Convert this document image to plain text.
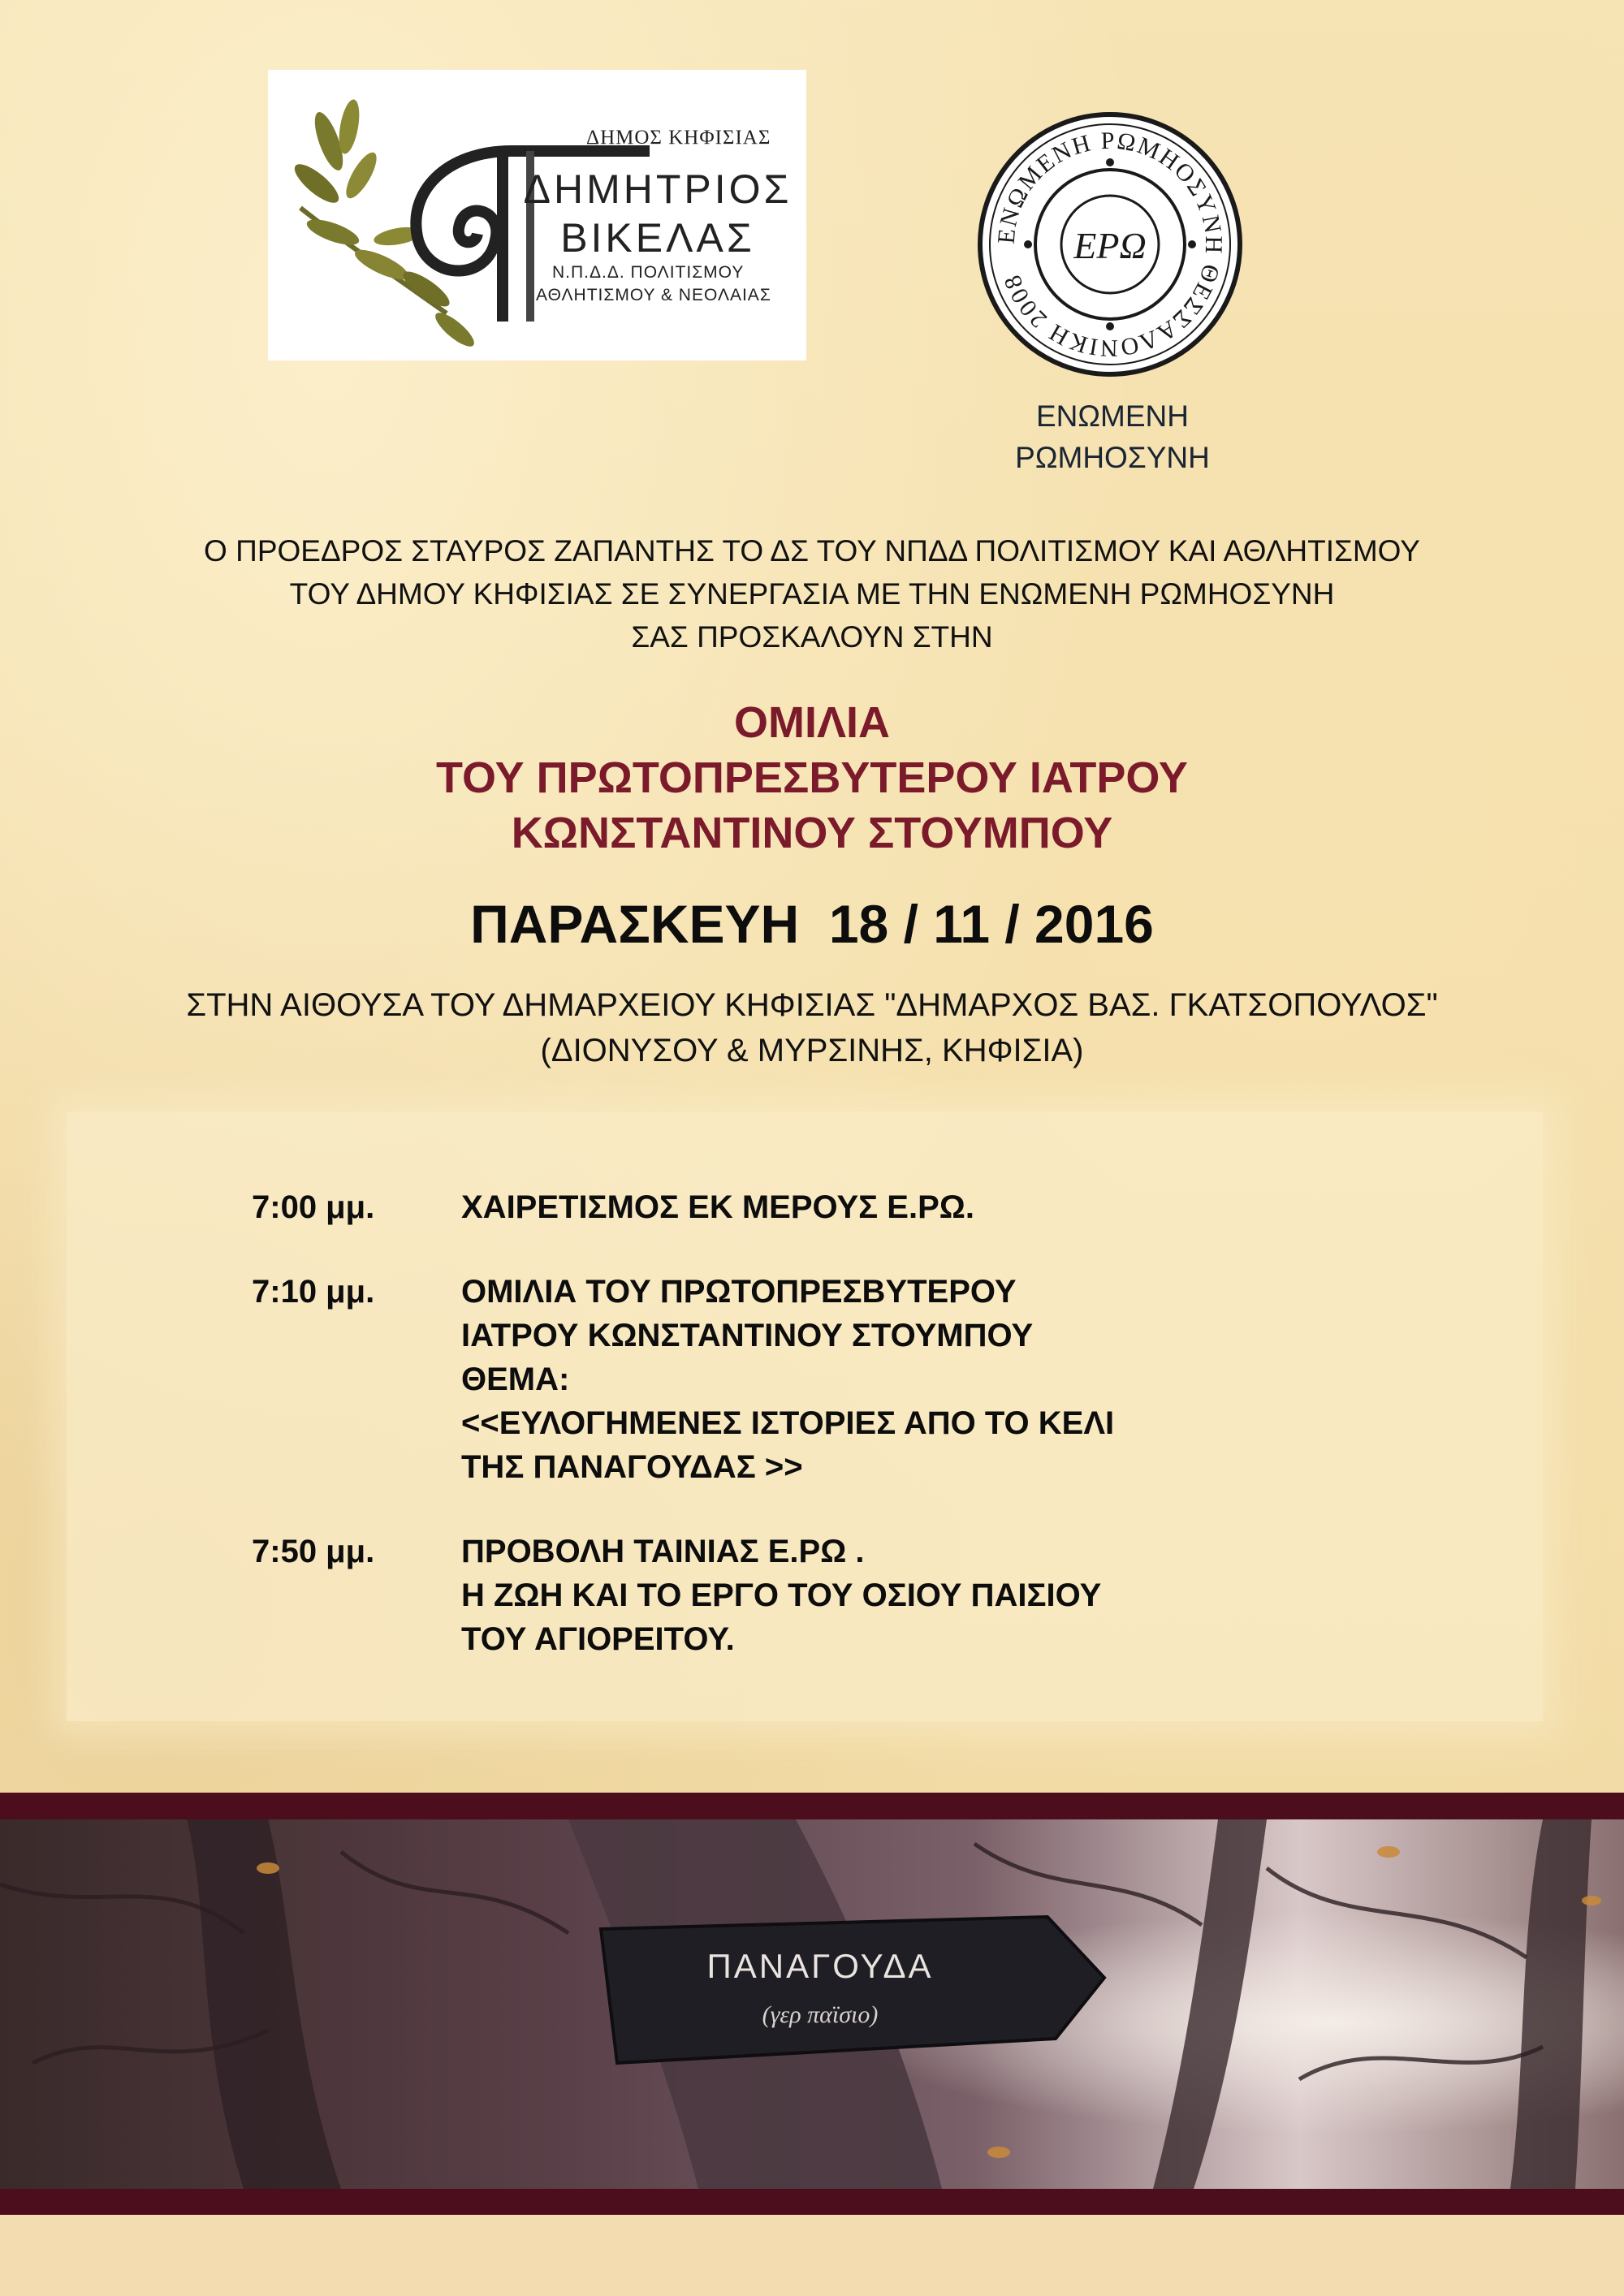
ΔΗΜΟΣ ΚΗΦΙΣΙΑΣ
ΔΗΜΗΤΡΙΟΣ
ΒΙΚΕΛΑΣ
Ν.Π.Δ.Δ. ΠΟΛΙΤΙΣΜΟΥ
ΑΘΛΗΤΙΣΜΟΥ & ΝΕΟΛΑΙΑΣ
ΕΝΩΜΕΝΗ ΡΩΜΗΟΣΥΝΗ ΘΕΣΣΑΛΟΝΙΚΗ 2008
ΕΡΩ
ΕΝΩΜΕΝΗ
ΡΩΜΗΟΣΥΝΗ
Ο ΠΡΟΕΔΡΟΣ ΣΤΑΥΡΟΣ ΖΑΠΑΝΤΗΣ ΤΟ ΔΣ ΤΟΥ ΝΠΔΔ ΠΟΛΙΤΙΣΜΟΥ ΚΑΙ ΑΘΛΗΤΙΣΜΟΥ
ΤΟΥ ΔΗΜΟΥ ΚΗΦΙΣΙΑΣ ΣΕ ΣΥΝΕΡΓΑΣΙΑ ΜΕ ΤΗΝ ΕΝΩΜΕΝΗ ΡΩΜΗΟΣΥΝΗ
ΣΑΣ ΠΡΟΣΚΑΛΟΥΝ ΣΤΗΝ
ΟΜΙΛΙΑ
ΤΟΥ ΠΡΩΤΟΠΡΕΣΒΥΤΕΡΟΥ ΙΑΤΡΟΥ
ΚΩΝΣΤΑΝΤΙΝΟΥ ΣΤΟΥΜΠΟΥ
ΠΑΡΑΣΚΕΥΗ  18 / 11 / 2016
ΣΤΗΝ ΑΙΘΟΥΣΑ ΤΟΥ ΔΗΜΑΡΧΕΙΟΥ ΚΗΦΙΣΙΑΣ "ΔΗΜΑΡΧΟΣ ΒΑΣ. ΓΚΑΤΣΟΠΟΥΛΟΣ"
(ΔΙΟΝΥΣΟΥ & ΜΥΡΣΙΝΗΣ, ΚΗΦΙΣΙΑ)
7:00 μμ.	ΧΑΙΡΕΤΙΣΜΟΣ ΕΚ ΜΕΡΟΥΣ Ε.ΡΩ.
7:10 μμ.	ΟΜΙΛΙΑ ΤΟΥ ΠΡΩΤΟΠΡΕΣΒΥΤΕΡΟΥ
ΙΑΤΡΟΥ ΚΩΝΣΤΑΝΤΙΝΟΥ ΣΤΟΥΜΠΟΥ
ΘΕΜΑ:
<<ΕΥΛΟΓΗΜΕΝΕΣ ΙΣΤΟΡΙΕΣ ΑΠΟ ΤΟ ΚΕΛΙ
ΤΗΣ ΠΑΝΑΓΟΥΔΑΣ >>
7:50 μμ.	ΠΡΟΒΟΛΗ ΤΑΙΝΙΑΣ Ε.ΡΩ .
Η ΖΩΗ ΚΑΙ ΤΟ ΕΡΓΟ ΤΟΥ ΟΣΙΟΥ ΠΑΙΣΙΟΥ
ΤΟΥ ΑΓΙΟΡΕΙΤΟΥ.
ΠΑΝΑΓΟΥΔΑ
(γερ παϊσιο)
